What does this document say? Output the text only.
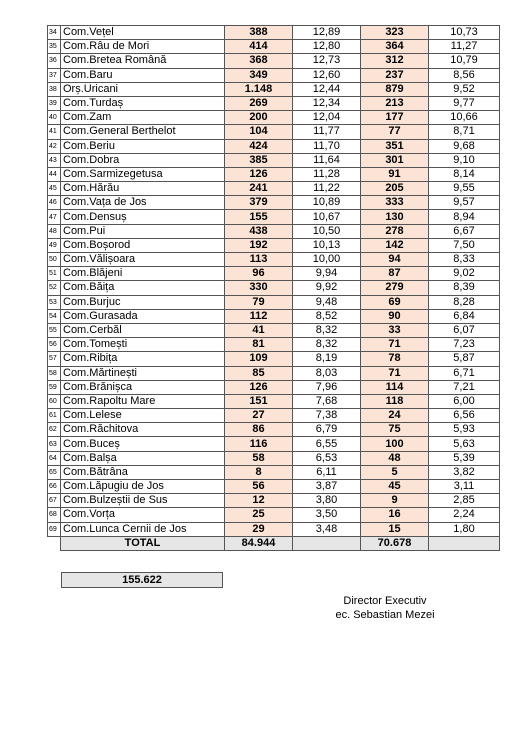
34	Com.Vețel	388	12,89	323	10,73
35	Com.Râu de Mori	414	12,80	364	11,27
36	Com.Bretea Română	368	12,73	312	10,79
37	Com.Baru	349	12,60	237	8,56
38	Orș.Uricani	1.148	12,44	879	9,52
39	Com.Turdaș	269	12,34	213	9,77
40	Com.Zam	200	12,04	177	10,66
41	Com.General Berthelot	104	11,77	77	8,71
42	Com.Beriu	424	11,70	351	9,68
43	Com.Dobra	385	11,64	301	9,10
44	Com.Sarmizegetusa	126	11,28	91	8,14
45	Com.Hărău	241	11,22	205	9,55
46	Com.Vața de Jos	379	10,89	333	9,57
47	Com.Densuș	155	10,67	130	8,94
48	Com.Pui	438	10,50	278	6,67
49	Com.Boșorod	192	10,13	142	7,50
50	Com.Vălișoara	113	10,00	94	8,33
51	Com.Blăjeni	96	9,94	87	9,02
52	Com.Băița	330	9,92	279	8,39
53	Com.Burjuc	79	9,48	69	8,28
54	Com.Gurasada	112	8,52	90	6,84
55	Com.Cerbăl	41	8,32	33	6,07
56	Com.Tomești	81	8,32	71	7,23
57	Com.Ribița	109	8,19	78	5,87
58	Com.Mărtinești	85	8,03	71	6,71
59	Com.Brănișca	126	7,96	114	7,21
60	Com.Rapoltu Mare	151	7,68	118	6,00
61	Com.Lelese	27	7,38	24	6,56
62	Com.Răchitova	86	6,79	75	5,93
63	Com.Buceș	116	6,55	100	5,63
64	Com.Balșa	58	6,53	48	5,39
65	Com.Bătrâna	8	6,11	5	3,82
66	Com.Lăpugiu de Jos	56	3,87	45	3,11
67	Com.Bulzeștii de Sus	12	3,80	9	2,85
68	Com.Vorța	25	3,50	16	2,24
69	Com.Lunca Cernii de Jos	29	3,48	15	1,80
	TOTAL	84.944		70.678	
155.622
Director Executiv
ec. Sebastian Mezei
